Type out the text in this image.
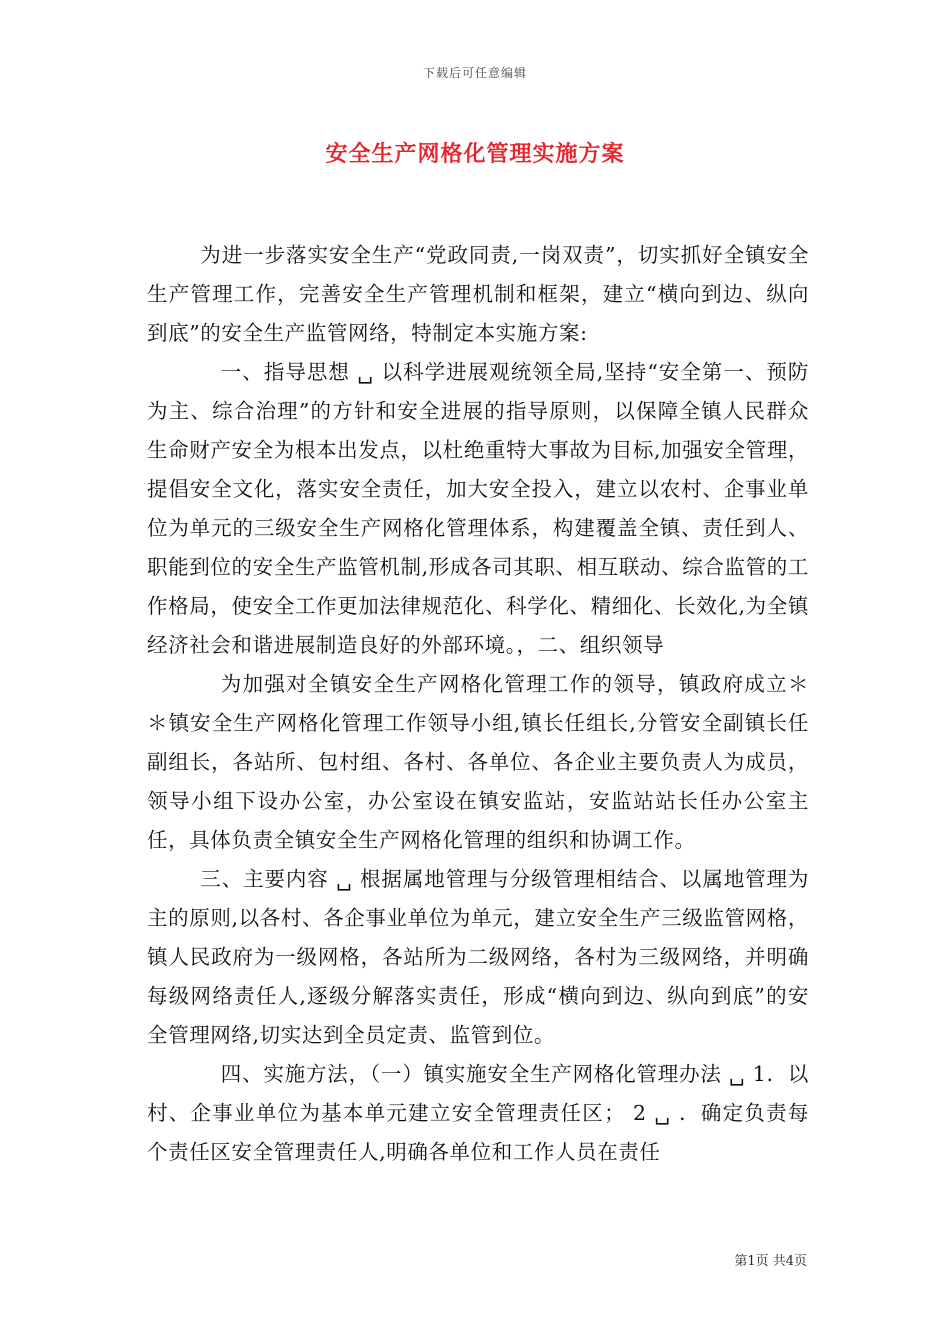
下载后可任意编辑
安全生产网格化管理实施方案

为进一步落实安全生产“党政同责,一岗双责”，切实抓好全镇安全生产管理工作，完善安全生产管理机制和框架，建立“横向到边、纵向到底”的安全生产监管网络，特制定本实施方案:

一、指导思想 ␣ 以科学进展观统领全局,坚持“安全第一、预防为主、综合治理”的方针和安全进展的指导原则，以保障全镇人民群众生命财产安全为根本出发点，以杜绝重特大事故为目标,加强安全管理，提倡安全文化，落实安全责任，加大安全投入，建立以农村、企事业单位为单元的三级安全生产网格化管理体系，构建覆盖全镇、责任到人、职能到位的安全生产监管机制,形成各司其职、相互联动、综合监管的工作格局，使安全工作更加法律规范化、科学化、精细化、长效化,为全镇经济社会和谐进展制造良好的外部环境。，二、组织领导

为加强对全镇安全生产网格化管理工作的领导，镇政府成立＊＊镇安全生产网格化管理工作领导小组,镇长任组长,分管安全副镇长任副组长，各站所、包村组、各村、各单位、各企业主要负责人为成员，领导小组下设办公室，办公室设在镇安监站，安监站站长任办公室主任，具体负责全镇安全生产网格化管理的组织和协调工作。

三、主要内容 ␣ 根据属地管理与分级管理相结合、以属地管理为主的原则,以各村、各企事业单位为单元，建立安全生产三级监管网格，镇人民政府为一级网格，各站所为二级网络，各村为三级网络，并明确每级网络责任人,逐级分解落实责任，形成“横向到边、纵向到底”的安全管理网络,切实达到全员定责、监管到位。

四、实施方法，（一）镇实施安全生产网格化管理办法 ␣ 1．以村、企事业单位为基本单元建立安全管理责任区； 2 ␣ ．确定负责每个责任区安全管理责任人,明确各单位和工作人员在责任

第1页 共4页
